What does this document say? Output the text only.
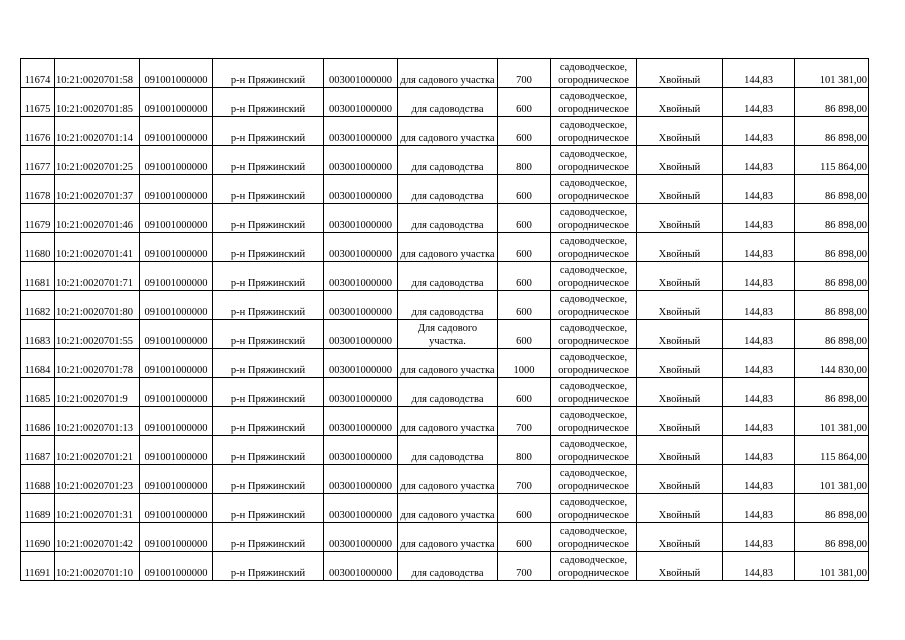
11674	10:21:0020701:58	091001000000	р-н Пряжинский	003001000000	для садового участка	700	садоводческое, огородническое	Хвойный	144,83	101 381,00
11675	10:21:0020701:85	091001000000	р-н Пряжинский	003001000000	для садоводства	600	садоводческое, огородническое	Хвойный	144,83	86 898,00
11676	10:21:0020701:14	091001000000	р-н Пряжинский	003001000000	для садового участка	600	садоводческое, огородническое	Хвойный	144,83	86 898,00
11677	10:21:0020701:25	091001000000	р-н Пряжинский	003001000000	для садоводства	800	садоводческое, огородническое	Хвойный	144,83	115 864,00
11678	10:21:0020701:37	091001000000	р-н Пряжинский	003001000000	для садоводства	600	садоводческое, огородническое	Хвойный	144,83	86 898,00
11679	10:21:0020701:46	091001000000	р-н Пряжинский	003001000000	для садоводства	600	садоводческое, огородническое	Хвойный	144,83	86 898,00
11680	10:21:0020701:41	091001000000	р-н Пряжинский	003001000000	для садового участка	600	садоводческое, огородническое	Хвойный	144,83	86 898,00
11681	10:21:0020701:71	091001000000	р-н Пряжинский	003001000000	для садоводства	600	садоводческое, огородническое	Хвойный	144,83	86 898,00
11682	10:21:0020701:80	091001000000	р-н Пряжинский	003001000000	для садоводства	600	садоводческое, огородническое	Хвойный	144,83	86 898,00
11683	10:21:0020701:55	091001000000	р-н Пряжинский	003001000000	Для садового участка.	600	садоводческое, огородническое	Хвойный	144,83	86 898,00
11684	10:21:0020701:78	091001000000	р-н Пряжинский	003001000000	для садового участка	1000	садоводческое, огородническое	Хвойный	144,83	144 830,00
11685	10:21:0020701:9	091001000000	р-н Пряжинский	003001000000	для садоводства	600	садоводческое, огородническое	Хвойный	144,83	86 898,00
11686	10:21:0020701:13	091001000000	р-н Пряжинский	003001000000	для садового участка	700	садоводческое, огородническое	Хвойный	144,83	101 381,00
11687	10:21:0020701:21	091001000000	р-н Пряжинский	003001000000	для садоводства	800	садоводческое, огородническое	Хвойный	144,83	115 864,00
11688	10:21:0020701:23	091001000000	р-н Пряжинский	003001000000	для садового участка	700	садоводческое, огородническое	Хвойный	144,83	101 381,00
11689	10:21:0020701:31	091001000000	р-н Пряжинский	003001000000	для садового участка	600	садоводческое, огородническое	Хвойный	144,83	86 898,00
11690	10:21:0020701:42	091001000000	р-н Пряжинский	003001000000	для садового участка	600	садоводческое, огородническое	Хвойный	144,83	86 898,00
11691	10:21:0020701:10	091001000000	р-н Пряжинский	003001000000	для садоводства	700	садоводческое, огородническое	Хвойный	144,83	101 381,00
